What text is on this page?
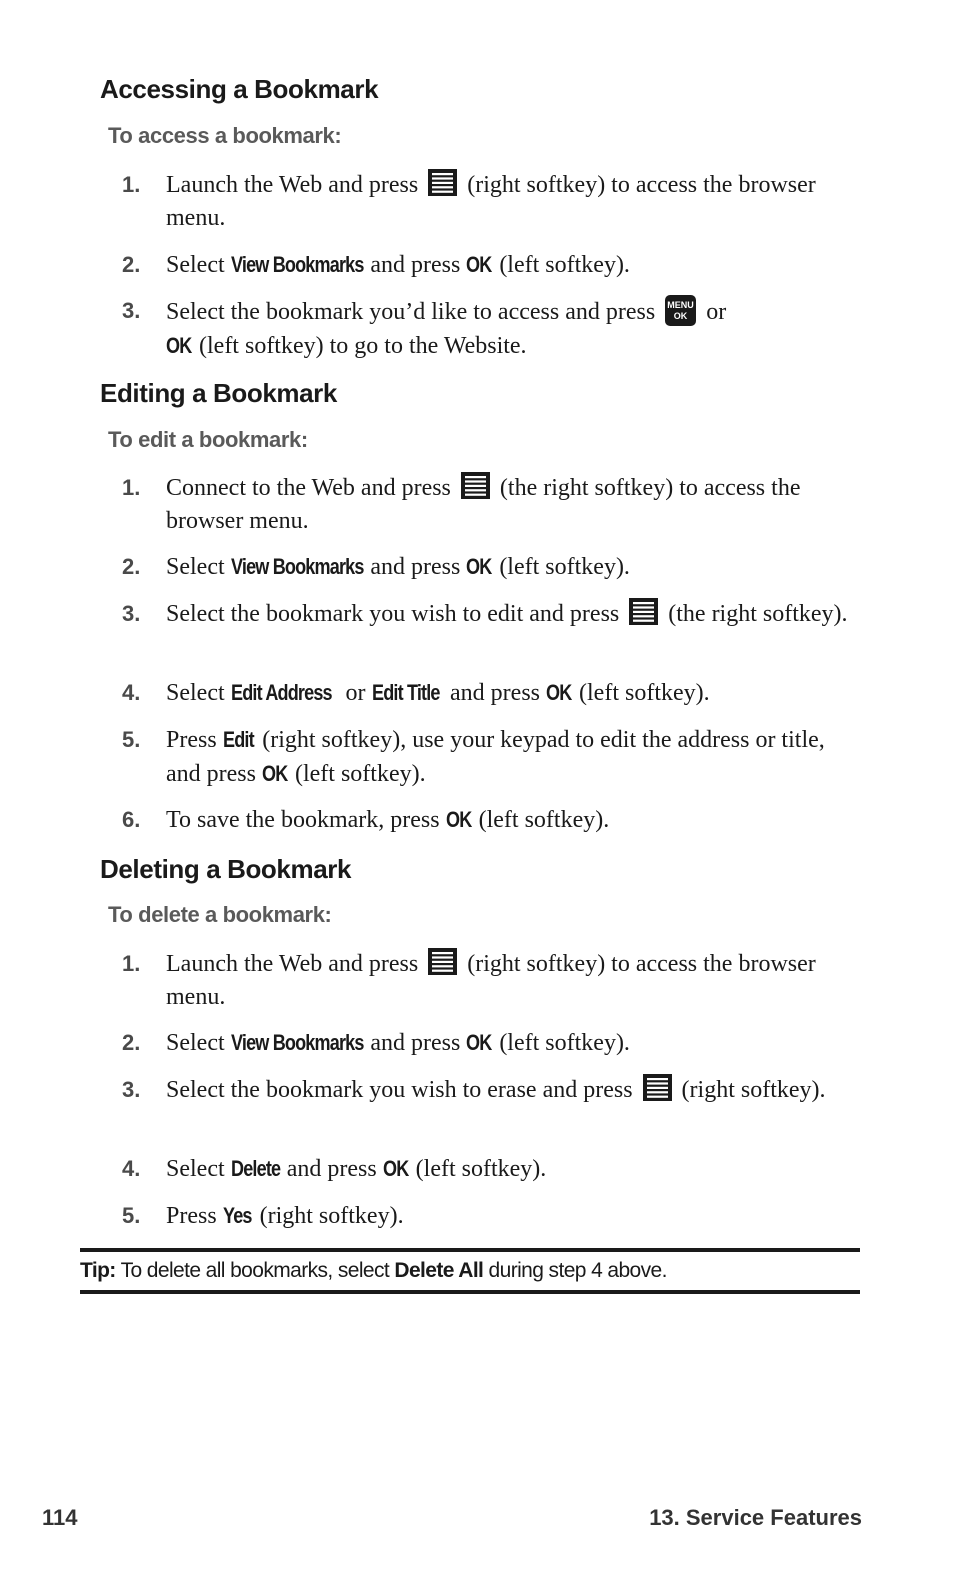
Accessing a Bookmark
To access a bookmark:
1. Launch the Web and press (right softkey) to access the browser menu.
2. Select View Bookmarks and press OK (left softkey).
3. Select the bookmark you’d like to access and press MENU
OK or
OK (left softkey) to go to the Website.
Editing a Bookmark
To edit a bookmark:
1. Connect to the Web and press (the right softkey) to access the browser menu.
2. Select View Bookmarks and press OK (left softkey).
3. Select the bookmark you wish to edit and press (the right softkey).
4. Select Edit Address or Edit Title and press OK (left softkey).
5. Press Edit (right softkey), use your keypad to edit the address or title, and press OK (left softkey).
6. To save the bookmark, press OK (left softkey).
Deleting a Bookmark
To delete a bookmark:
1. Launch the Web and press (right softkey) to access the browser menu.
2. Select View Bookmarks and press OK (left softkey).
3. Select the bookmark you wish to erase and press (right softkey).
4. Select Delete and press OK (left softkey).
5. Press Yes (right softkey).
Tip: To delete all bookmarks, select Delete All during step 4 above.
114	13. Service Features
